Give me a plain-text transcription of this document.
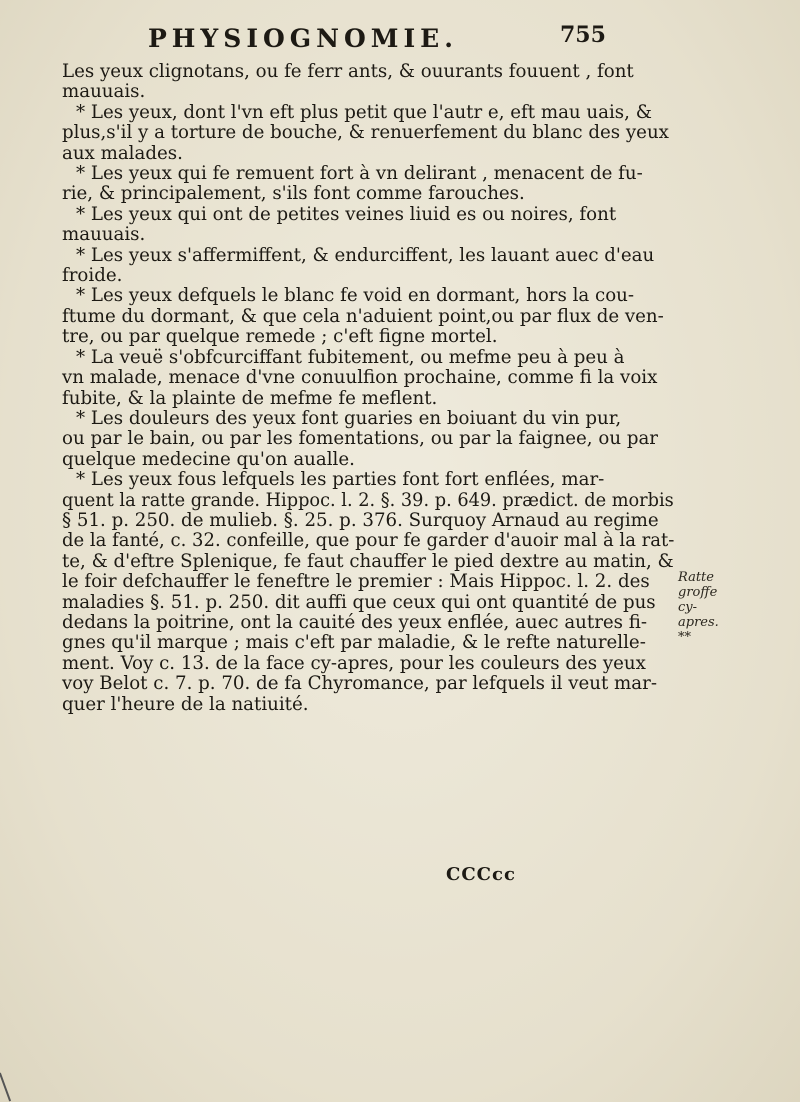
PHYSIOGNOMIE.	755
Les yeux clignotans, ou fe ferr ants, & ouurants fouuent , font
mauuais.
* Les yeux, dont l'vn eft plus petit que l'autr e, eft mau uais, &
plus,s'il y a torture de bouche, & renuerfement du blanc des yeux
aux malades.
* Les yeux qui fe remuent fort à vn delirant , menacent de fu-
rie, & principalement, s'ils font comme farouches.
* Les yeux qui ont de petites veines liuid es ou noires, font
mauuais.
* Les yeux s'affermiffent, & endurciffent, les lauant auec d'eau
froide.
* Les yeux defquels le blanc fe void en dormant, hors la cou-
ftume du dormant, & que cela n'aduient point,ou par flux de ven-
tre, ou par quelque remede ; c'eft figne mortel.
* La veuë s'obfcurciffant fubitement, ou mefme peu à peu à
vn malade, menace d'vne conuulfion prochaine, comme fi la voix
fubite, & la plainte de mefme fe meflent.
* Les douleurs des yeux font guaries en boiuant du vin pur,
ou par le bain, ou par les fomentations, ou par la faignee, ou par
quelque medecine qu'on aualle.
* Les yeux fous lefquels les parties font fort enflées, mar-
quent la ratte grande. Hippoc. l. 2. §. 39. p. 649. prædict. de morbis
§ 51. p. 250. de mulieb. §. 25. p. 376. Surquoy Arnaud au regime
de la fanté, c. 32. confeille, que pour fe garder d'auoir mal à la rat-
te, & d'eftre Splenique, fe faut chauffer le pied dextre au matin, &
le foir defchauffer le feneftre le premier : Mais Hippoc. l. 2. des
maladies §. 51. p. 250. dit auffi que ceux qui ont quantité de pus
dedans la poitrine, ont la cauité des yeux enflée, auec autres fi-
gnes qu'il marque ; mais c'eft par maladie, & le refte naturelle-
ment. Voy c. 13. de la face cy-apres, pour les couleurs des yeux
voy Belot c. 7. p. 70. de fa Chyromance, par lefquels il veut mar-
quer l'heure de la natiuité.
Ratte
groffe cy-
apres.
**
CCCcc
